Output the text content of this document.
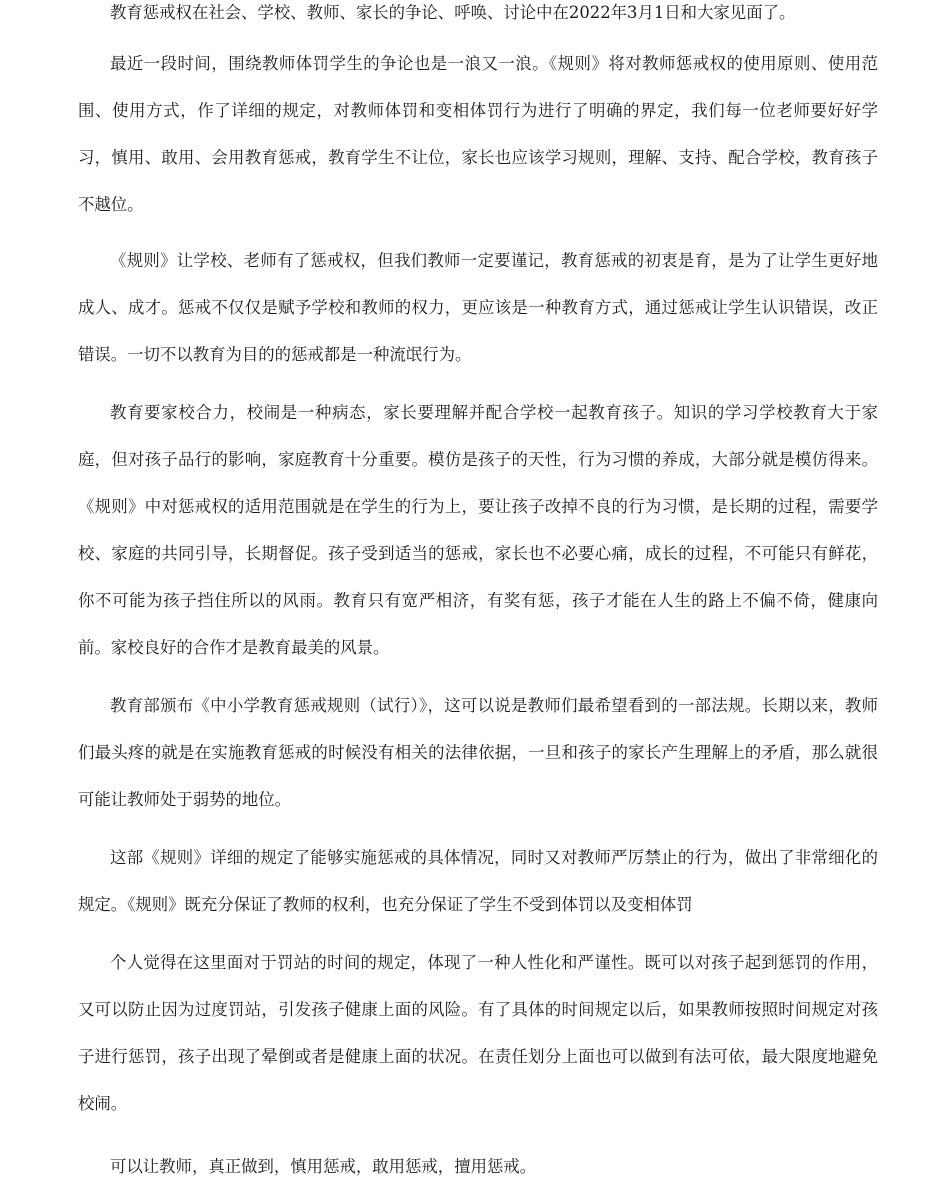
教育惩戒权在社会、学校、教师、家长的争论、呼唤、讨论中在2022年3月1日和大家见面了。

最近一段时间，围绕教师体罚学生的争论也是一浪又一浪。《规则》将对教师惩戒权的使用原则、使用范围、使用方式，作了详细的规定，对教师体罚和变相体罚行为进行了明确的界定，我们每一位老师要好好学习，慎用、敢用、会用教育惩戒，教育学生不让位，家长也应该学习规则，理解、支持、配合学校，教育孩子不越位。

《规则》让学校、老师有了惩戒权，但我们教师一定要谨记，教育惩戒的初衷是育，是为了让学生更好地成人、成才。惩戒不仅仅是赋予学校和教师的权力，更应该是一种教育方式，通过惩戒让学生认识错误，改正错误。一切不以教育为目的的惩戒都是一种流氓行为。

教育要家校合力，校闹是一种病态，家长要理解并配合学校一起教育孩子。知识的学习学校教育大于家庭，但对孩子品行的影响，家庭教育十分重要。模仿是孩子的天性，行为习惯的养成，大部分就是模仿得来。《规则》中对惩戒权的适用范围就是在学生的行为上，要让孩子改掉不良的行为习惯，是长期的过程，需要学校、家庭的共同引导，长期督促。孩子受到适当的惩戒，家长也不必要心痛，成长的过程，不可能只有鲜花，你不可能为孩子挡住所以的风雨。教育只有宽严相济，有奖有惩，孩子才能在人生的路上不偏不倚，健康向前。家校良好的合作才是教育最美的风景。

教育部颁布《中小学教育惩戒规则（试行）》，这可以说是教师们最希望看到的一部法规。长期以来，教师们最头疼的就是在实施教育惩戒的时候没有相关的法律依据，一旦和孩子的家长产生理解上的矛盾，那么就很可能让教师处于弱势的地位。

这部《规则》详细的规定了能够实施惩戒的具体情况，同时又对教师严厉禁止的行为，做出了非常细化的规定。《规则》既充分保证了教师的权利，也充分保证了学生不受到体罚以及变相体罚

个人觉得在这里面对于罚站的时间的规定，体现了一种人性化和严谨性。既可以对孩子起到惩罚的作用，又可以防止因为过度罚站，引发孩子健康上面的风险。有了具体的时间规定以后，如果教师按照时间规定对孩子进行惩罚，孩子出现了晕倒或者是健康上面的状况。在责任划分上面也可以做到有法可依，最大限度地避免校闹。

可以让教师，真正做到，慎用惩戒，敢用惩戒，擅用惩戒。
